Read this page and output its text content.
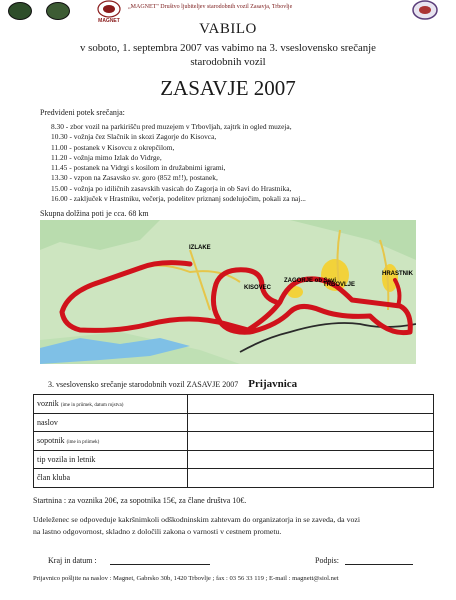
MAGNET
„MAGNET" Društvo ljubiteljev starodobnih vozil Zasavja, Trbovlje
VABILO
v soboto, 1. septembra 2007 vas vabimo na 3. vseslovensko srečanje
starodobnih vozil
ZASAVJE 2007
Predvideni potek srečanja:
8.30 - zbor vozil na parkirišču pred muzejem v Trbovljah, zajtrk in ogled muzeja,
10.30 - vožnja čez Slačnik in skozi Zagorje do Kisovca,
11.00 - postanek v Kisovcu z okrepčilom,
11.20 - vožnja mimo Izlak do Vidrge,
11.45 - postanek na Vidrgi s kosilom in družabnimi igrami,
13.30 - vzpon na Zasavsko sv. goro (852 m!!), postanek,
15.00 - vožnja po idiličnih zasavskih vasicah do Zagorja in ob Savi do Hrastnika,
16.00 - zaključek v Hrastniku, večerja, podelitev priznanj sodelujočim, pokali za naj...
Skupna dolžina poti je cca. 68 km
IZLAKE
KISOVEC
ZAGORJE ob Savi
TRBOVLJE
HRASTNIK
3. vseslovensko srečanje starodobnih vozil ZASAVJE 2007 Prijavnica
voznik (ime in priimek, datum rojstva)	
naslov	
sopotnik (ime in priimek)	
tip vozila in letnik	
član kluba	
Startnina : za voznika 20€, za sopotnika 15€, za člane društva 10€.
Udeleženec se odpoveduje kakršnimkoli odškodninskim zahtevam do organizatorja in se zaveda, da vozi
na lastno odgovornost, skladno z določili zakona o varnosti v cestnem prometu.
Kraj in datum :	Podpis:
Prijavnico pošljite na naslov : Magnet, Gabrsko 30b, 1420 Trbovlje ; fax : 03 56 33 119 ; E-mail : magnett@siol.net
